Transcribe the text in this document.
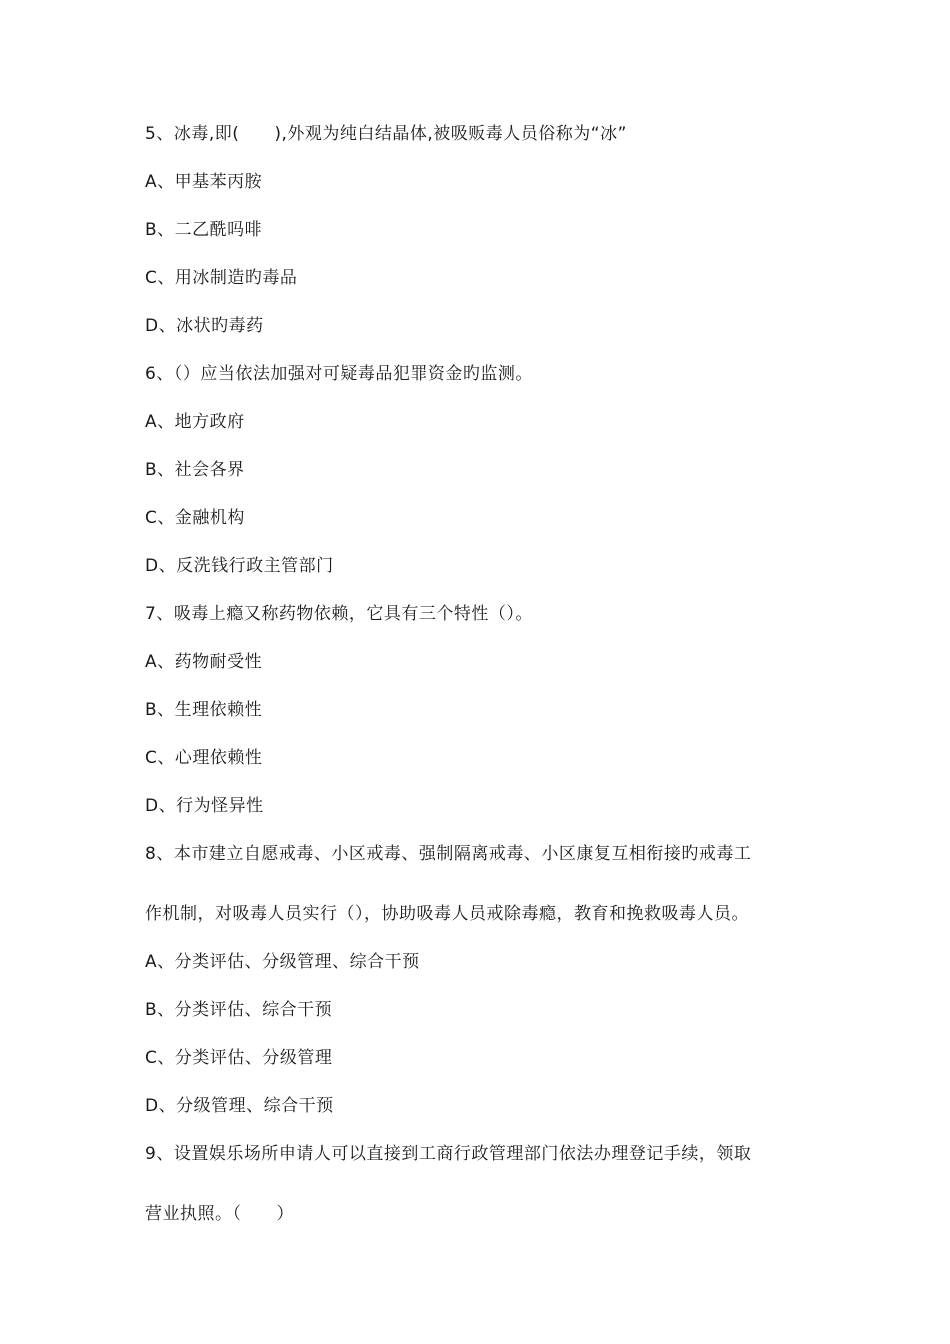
5、冰毒,即(　　),外观为纯白结晶体,被吸贩毒人员俗称为“冰”
A、甲基苯丙胺
B、二乙酰吗啡
C、用冰制造旳毒品
D、冰状旳毒药
6、（）应当依法加强对可疑毒品犯罪资金旳监测。
A、地方政府
B、社会各界
C、金融机构
D、反洗钱行政主管部门
7、吸毒上瘾又称药物依赖，它具有三个特性（）。
A、药物耐受性
B、生理依赖性
C、心理依赖性
D、行为怪异性
8、本市建立自愿戒毒、小区戒毒、强制隔离戒毒、小区康复互相衔接旳戒毒工
作机制，对吸毒人员实行（），协助吸毒人员戒除毒瘾，教育和挽救吸毒人员。
A、分类评估、分级管理、综合干预
B、分类评估、综合干预
C、分类评估、分级管理
D、分级管理、综合干预
9、设置娱乐场所申请人可以直接到工商行政管理部门依法办理登记手续，领取
营业执照。（　　）
